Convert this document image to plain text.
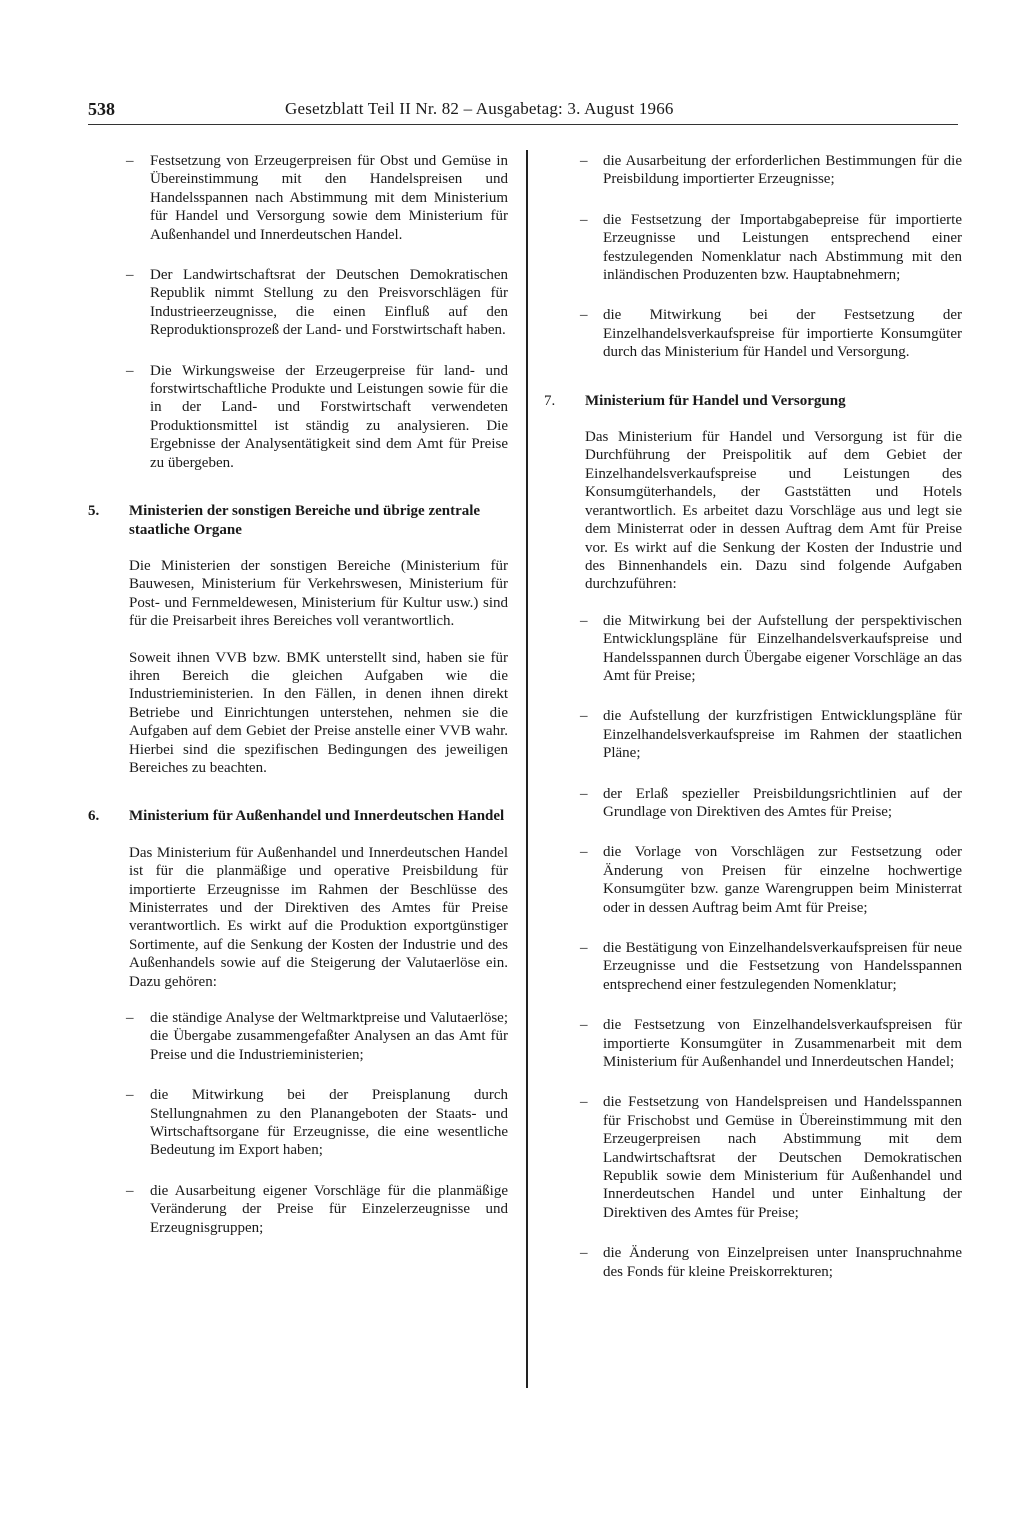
538	Gesetzblatt Teil II Nr. 82 – Ausgabetag: 3. August 1966
– Festsetzung von Erzeugerpreisen für Obst und Gemüse in Übereinstimmung mit den Handelspreisen und Handelsspannen nach Abstimmung mit dem Ministerium für Handel und Versorgung sowie dem Ministerium für Außenhandel und Innerdeutschen Handel.
– Der Landwirtschaftsrat der Deutschen Demokratischen Republik nimmt Stellung zu den Preisvorschlägen für Industrieerzeugnisse, die einen Einfluß auf den Reproduktionsprozeß der Land- und Forstwirtschaft haben.
– Die Wirkungsweise der Erzeugerpreise für land- und forstwirtschaftliche Produkte und Leistungen sowie für die in der Land- und Forstwirtschaft verwendeten Produktionsmittel ist ständig zu analysieren. Die Ergebnisse der Analysentätigkeit sind dem Amt für Preise zu übergeben.
5. Ministerien der sonstigen Bereiche und übrige zentrale staatliche Organe
Die Ministerien der sonstigen Bereiche (Ministerium für Bauwesen, Ministerium für Verkehrswesen, Ministerium für Post- und Fernmeldewesen, Ministerium für Kultur usw.) sind für die Preisarbeit ihres Bereiches voll verantwortlich.
Soweit ihnen VVB bzw. BMK unterstellt sind, haben sie für ihren Bereich die gleichen Aufgaben wie die Industrieministerien. In den Fällen, in denen ihnen direkt Betriebe und Einrichtungen unterstehen, nehmen sie die Aufgaben auf dem Gebiet der Preise anstelle einer VVB wahr. Hierbei sind die spezifischen Bedingungen des jeweiligen Bereiches zu beachten.
6. Ministerium für Außenhandel und Innerdeutschen Handel
Das Ministerium für Außenhandel und Innerdeutschen Handel ist für die planmäßige und operative Preisbildung für importierte Erzeugnisse im Rahmen der Beschlüsse des Ministerrates und der Direktiven des Amtes für Preise verantwortlich. Es wirkt auf die Produktion exportgünstiger Sortimente, auf die Senkung der Kosten der Industrie und des Außenhandels sowie auf die Steigerung der Valutaerlöse ein. Dazu gehören:
– die ständige Analyse der Weltmarktpreise und Valutaerlöse; die Übergabe zusammengefaßter Analysen an das Amt für Preise und die Industrieministerien;
– die Mitwirkung bei der Preisplanung durch Stellungnahmen zu den Planangeboten der Staats- und Wirtschaftsorgane für Erzeugnisse, die eine wesentliche Bedeutung im Export haben;
– die Ausarbeitung eigener Vorschläge für die planmäßige Veränderung der Preise für Einzelerzeugnisse und Erzeugnisgruppen;
– die Ausarbeitung der erforderlichen Bestimmungen für die Preisbildung importierter Erzeugnisse;
– die Festsetzung der Importabgabepreise für importierte Erzeugnisse und Leistungen entsprechend einer festzulegenden Nomenklatur nach Abstimmung mit den inländischen Produzenten bzw. Hauptabnehmern;
– die Mitwirkung bei der Festsetzung der Einzelhandelsverkaufspreise für importierte Konsumgüter durch das Ministerium für Handel und Versorgung.
7. Ministerium für Handel und Versorgung
Das Ministerium für Handel und Versorgung ist für die Durchführung der Preispolitik auf dem Gebiet der Einzelhandelsverkaufspreise und Leistungen des Konsumgüterhandels, der Gaststätten und Hotels verantwortlich. Es arbeitet dazu Vorschläge aus und legt sie dem Ministerrat oder in dessen Auftrag dem Amt für Preise vor. Es wirkt auf die Senkung der Kosten der Industrie und des Binnenhandels ein. Dazu sind folgende Aufgaben durchzuführen:
– die Mitwirkung bei der Aufstellung der perspektivischen Entwicklungspläne für Einzelhandelsverkaufspreise und Handelsspannen durch Übergabe eigener Vorschläge an das Amt für Preise;
– die Aufstellung der kurzfristigen Entwicklungspläne für Einzelhandelsverkaufspreise im Rahmen der staatlichen Pläne;
– der Erlaß spezieller Preisbildungsrichtlinien auf der Grundlage von Direktiven des Amtes für Preise;
– die Vorlage von Vorschlägen zur Festsetzung oder Änderung von Preisen für einzelne hochwertige Konsumgüter bzw. ganze Warengruppen beim Ministerrat oder in dessen Auftrag beim Amt für Preise;
– die Bestätigung von Einzelhandelsverkaufspreisen für neue Erzeugnisse und die Festsetzung von Handelsspannen entsprechend einer festzulegenden Nomenklatur;
– die Festsetzung von Einzelhandelsverkaufspreisen für importierte Konsumgüter in Zusammenarbeit mit dem Ministerium für Außenhandel und Innerdeutschen Handel;
– die Festsetzung von Handelspreisen und Handelsspannen für Frischobst und Gemüse in Übereinstimmung mit den Erzeugerpreisen nach Abstimmung mit dem Landwirtschaftsrat der Deutschen Demokratischen Republik sowie dem Ministerium für Außenhandel und Innerdeutschen Handel und unter Einhaltung der Direktiven des Amtes für Preise;
– die Änderung von Einzelpreisen unter Inanspruchnahme des Fonds für kleine Preiskorrekturen;
